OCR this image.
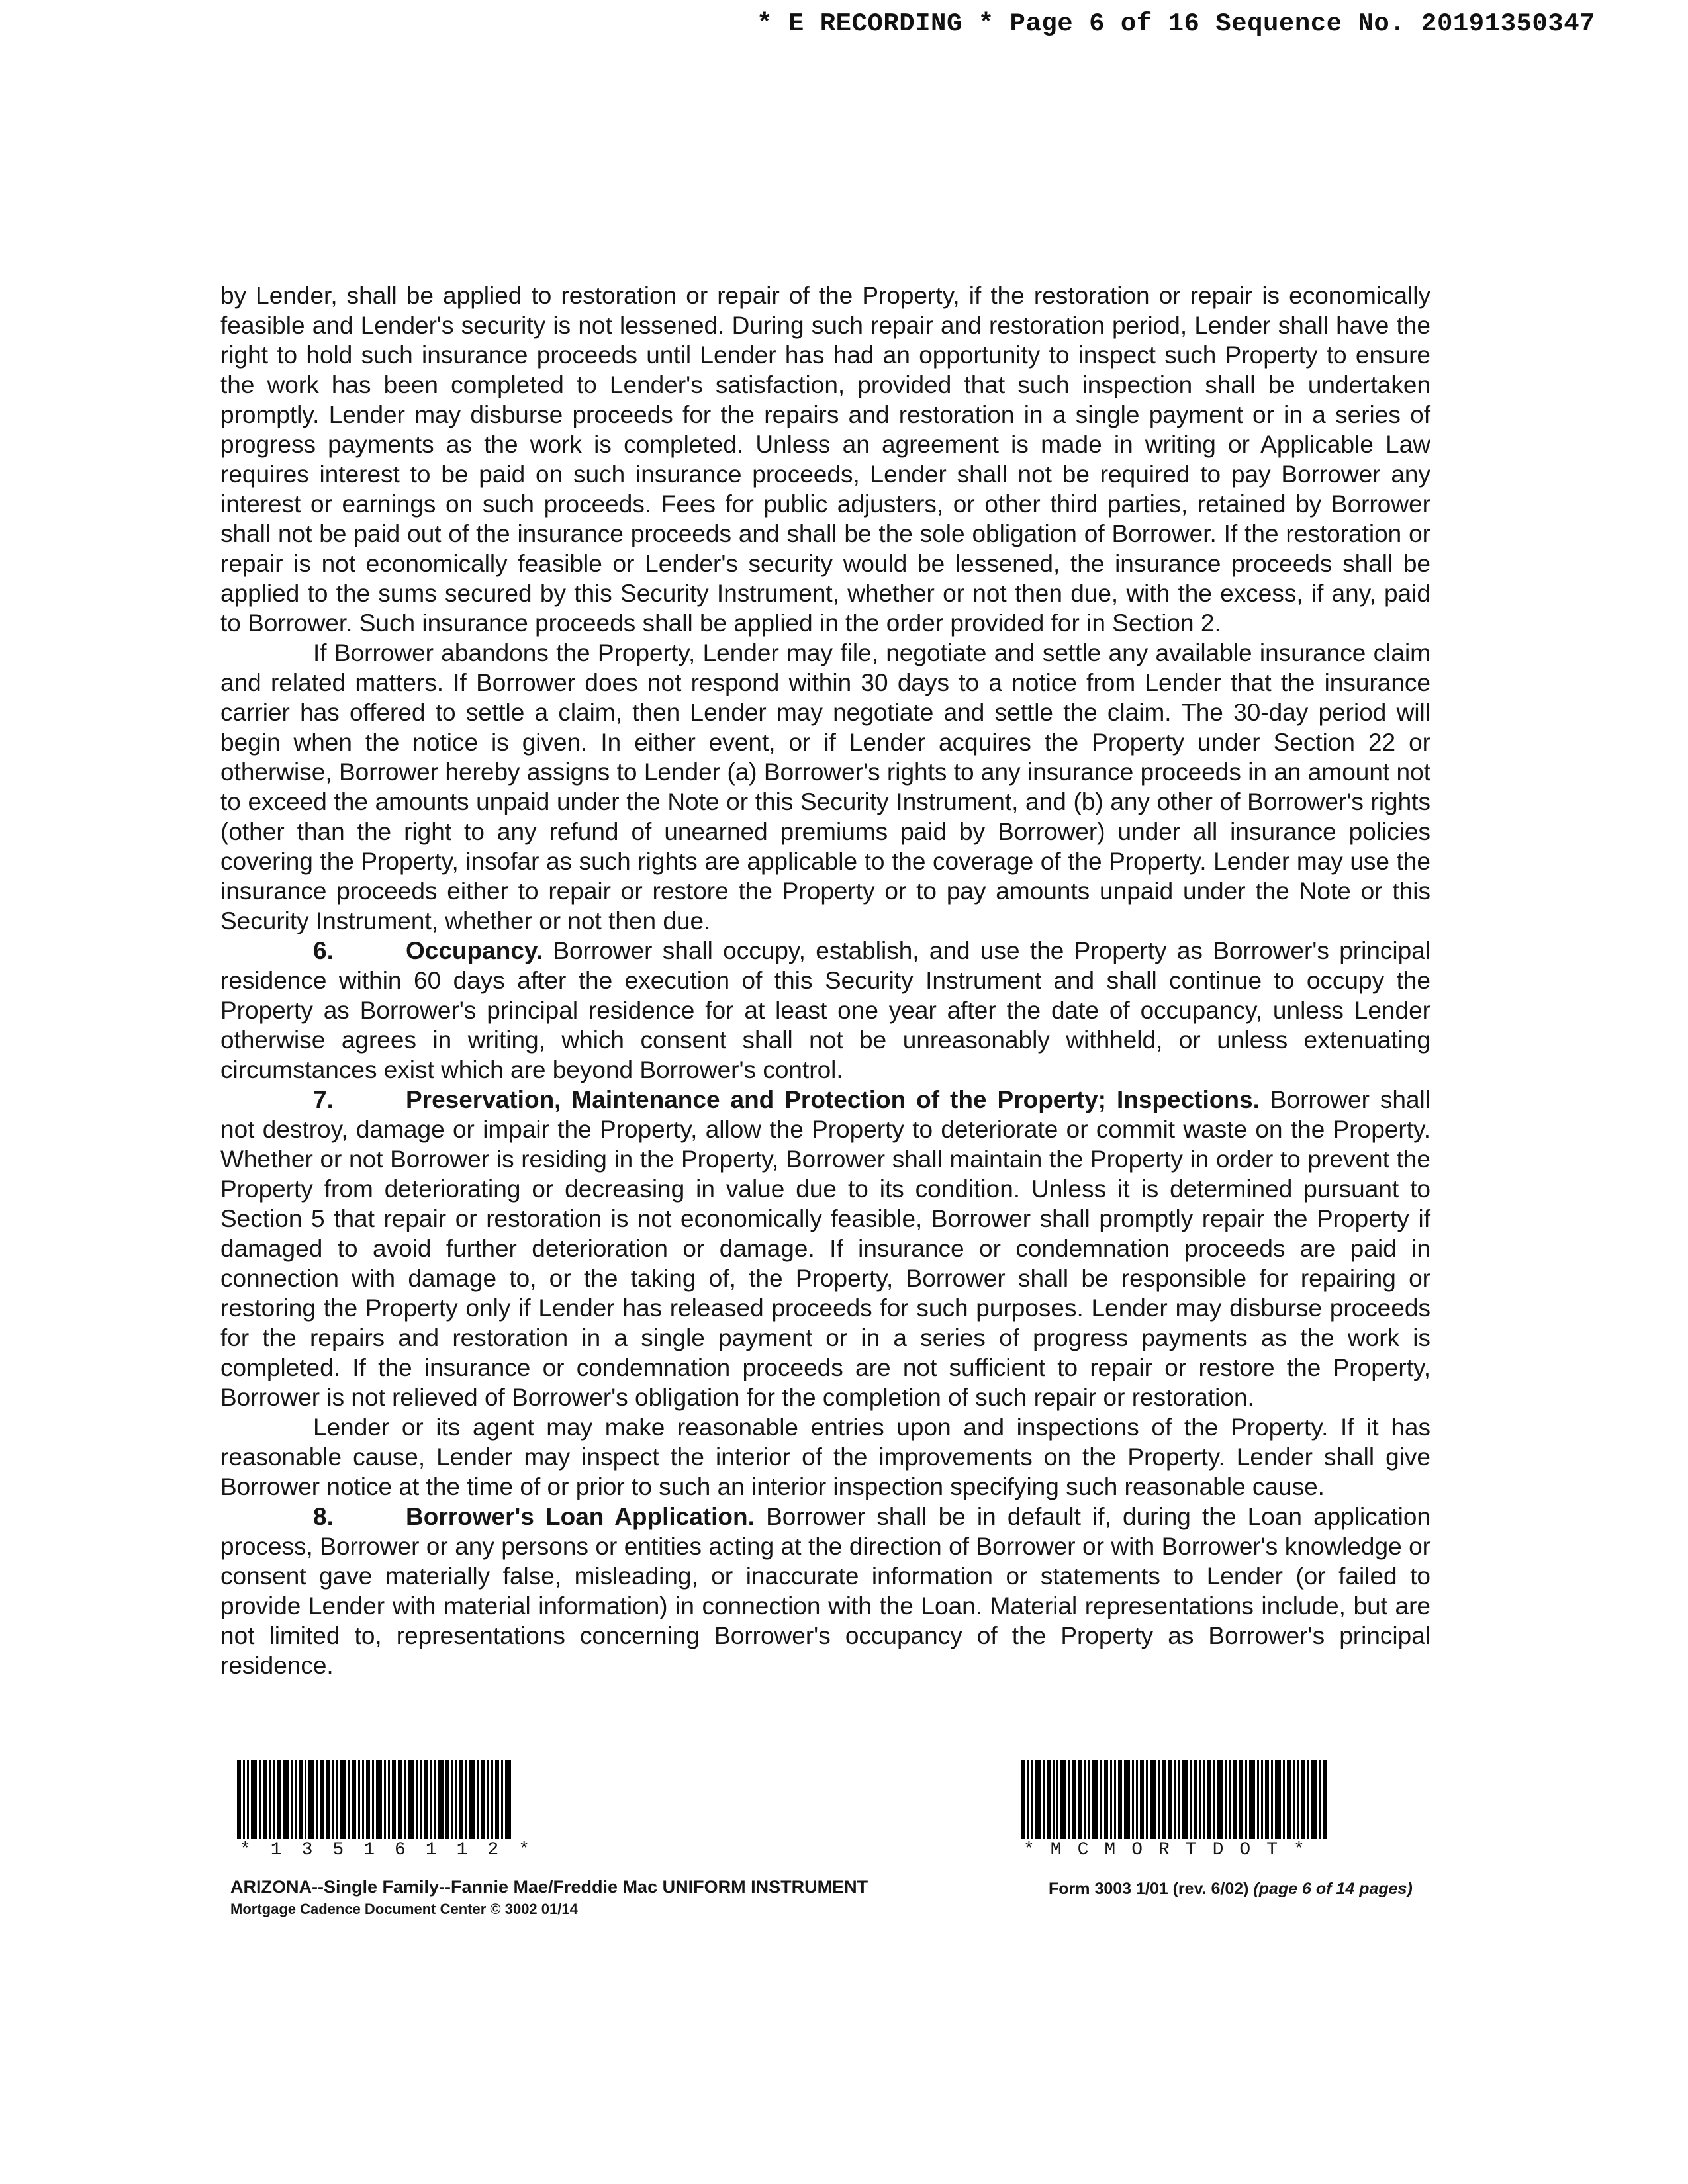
* E RECORDING * Page 6 of 16 Sequence No. 20191350347

by Lender, shall be applied to restoration or repair of the Property, if the restoration or repair is economically feasible and Lender's security is not lessened. During such repair and restoration period, Lender shall have the right to hold such insurance proceeds until Lender has had an opportunity to inspect such Property to ensure the work has been completed to Lender's satisfaction, provided that such inspection shall be undertaken promptly. Lender may disburse proceeds for the repairs and restoration in a single payment or in a series of progress payments as the work is completed. Unless an agreement is made in writing or Applicable Law requires interest to be paid on such insurance proceeds, Lender shall not be required to pay Borrower any interest or earnings on such proceeds. Fees for public adjusters, or other third parties, retained by Borrower shall not be paid out of the insurance proceeds and shall be the sole obligation of Borrower. If the restoration or repair is not economically feasible or Lender's security would be lessened, the insurance proceeds shall be applied to the sums secured by this Security Instrument, whether or not then due, with the excess, if any, paid to Borrower. Such insurance proceeds shall be applied in the order provided for in Section 2.

If Borrower abandons the Property, Lender may file, negotiate and settle any available insurance claim and related matters. If Borrower does not respond within 30 days to a notice from Lender that the insurance carrier has offered to settle a claim, then Lender may negotiate and settle the claim. The 30-day period will begin when the notice is given. In either event, or if Lender acquires the Property under Section 22 or otherwise, Borrower hereby assigns to Lender (a) Borrower's rights to any insurance proceeds in an amount not to exceed the amounts unpaid under the Note or this Security Instrument, and (b) any other of Borrower's rights (other than the right to any refund of unearned premiums paid by Borrower) under all insurance policies covering the Property, insofar as such rights are applicable to the coverage of the Property. Lender may use the insurance proceeds either to repair or restore the Property or to pay amounts unpaid under the Note or this Security Instrument, whether or not then due.

6.	Occupancy. Borrower shall occupy, establish, and use the Property as Borrower's principal residence within 60 days after the execution of this Security Instrument and shall continue to occupy the Property as Borrower's principal residence for at least one year after the date of occupancy, unless Lender otherwise agrees in writing, which consent shall not be unreasonably withheld, or unless extenuating circumstances exist which are beyond Borrower's control.

7.	Preservation, Maintenance and Protection of the Property; Inspections. Borrower shall not destroy, damage or impair the Property, allow the Property to deteriorate or commit waste on the Property. Whether or not Borrower is residing in the Property, Borrower shall maintain the Property in order to prevent the Property from deteriorating or decreasing in value due to its condition. Unless it is determined pursuant to Section 5 that repair or restoration is not economically feasible, Borrower shall promptly repair the Property if damaged to avoid further deterioration or damage. If insurance or condemnation proceeds are paid in connection with damage to, or the taking of, the Property, Borrower shall be responsible for repairing or restoring the Property only if Lender has released proceeds for such purposes. Lender may disburse proceeds for the repairs and restoration in a single payment or in a series of progress payments as the work is completed. If the insurance or condemnation proceeds are not sufficient to repair or restore the Property, Borrower is not relieved of Borrower's obligation for the completion of such repair or restoration.

Lender or its agent may make reasonable entries upon and inspections of the Property. If it has reasonable cause, Lender may inspect the interior of the improvements on the Property. Lender shall give Borrower notice at the time of or prior to such an interior inspection specifying such reasonable cause.

8.	Borrower's Loan Application. Borrower shall be in default if, during the Loan application process, Borrower or any persons or entities acting at the direction of Borrower or with Borrower's knowledge or consent gave materially false, misleading, or inaccurate information or statements to Lender (or failed to provide Lender with material information) in connection with the Loan. Material representations include, but are not limited to, representations concerning Borrower's occupancy of the Property as Borrower's principal residence.

*13516112*	*MCMORTDOT*
ARIZONA--Single Family--Fannie Mae/Freddie Mac UNIFORM INSTRUMENT
Mortgage Cadence Document Center © 3002 01/14
Form 3003 1/01 (rev. 6/02) (page 6 of 14 pages)
